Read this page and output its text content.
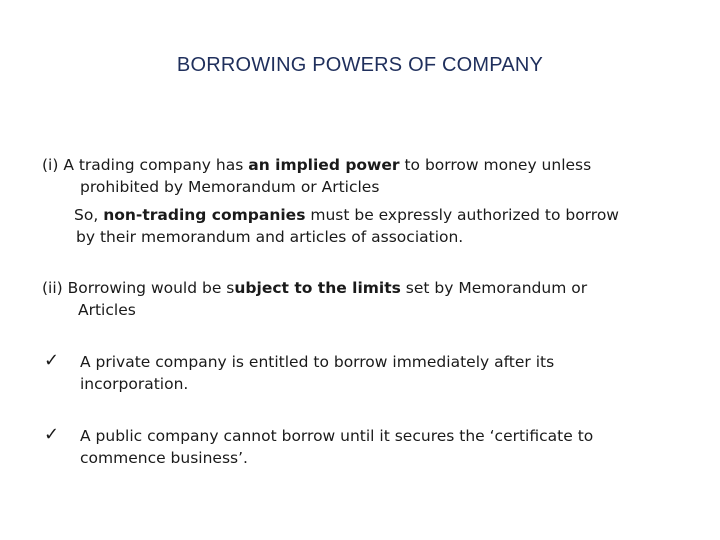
BORROWING POWERS OF COMPANY
(i) A trading company has an implied power to borrow money unless
prohibited by Memorandum or Articles
So, non-trading companies must be expressly authorized to borrow
by their memorandum and articles of association.
(ii) Borrowing would be subject to the limits set by Memorandum or
Articles
✓ A private company is entitled to borrow immediately after its
incorporation.
✓ A public company cannot borrow until it secures the ‘certificate to
commence business’.
